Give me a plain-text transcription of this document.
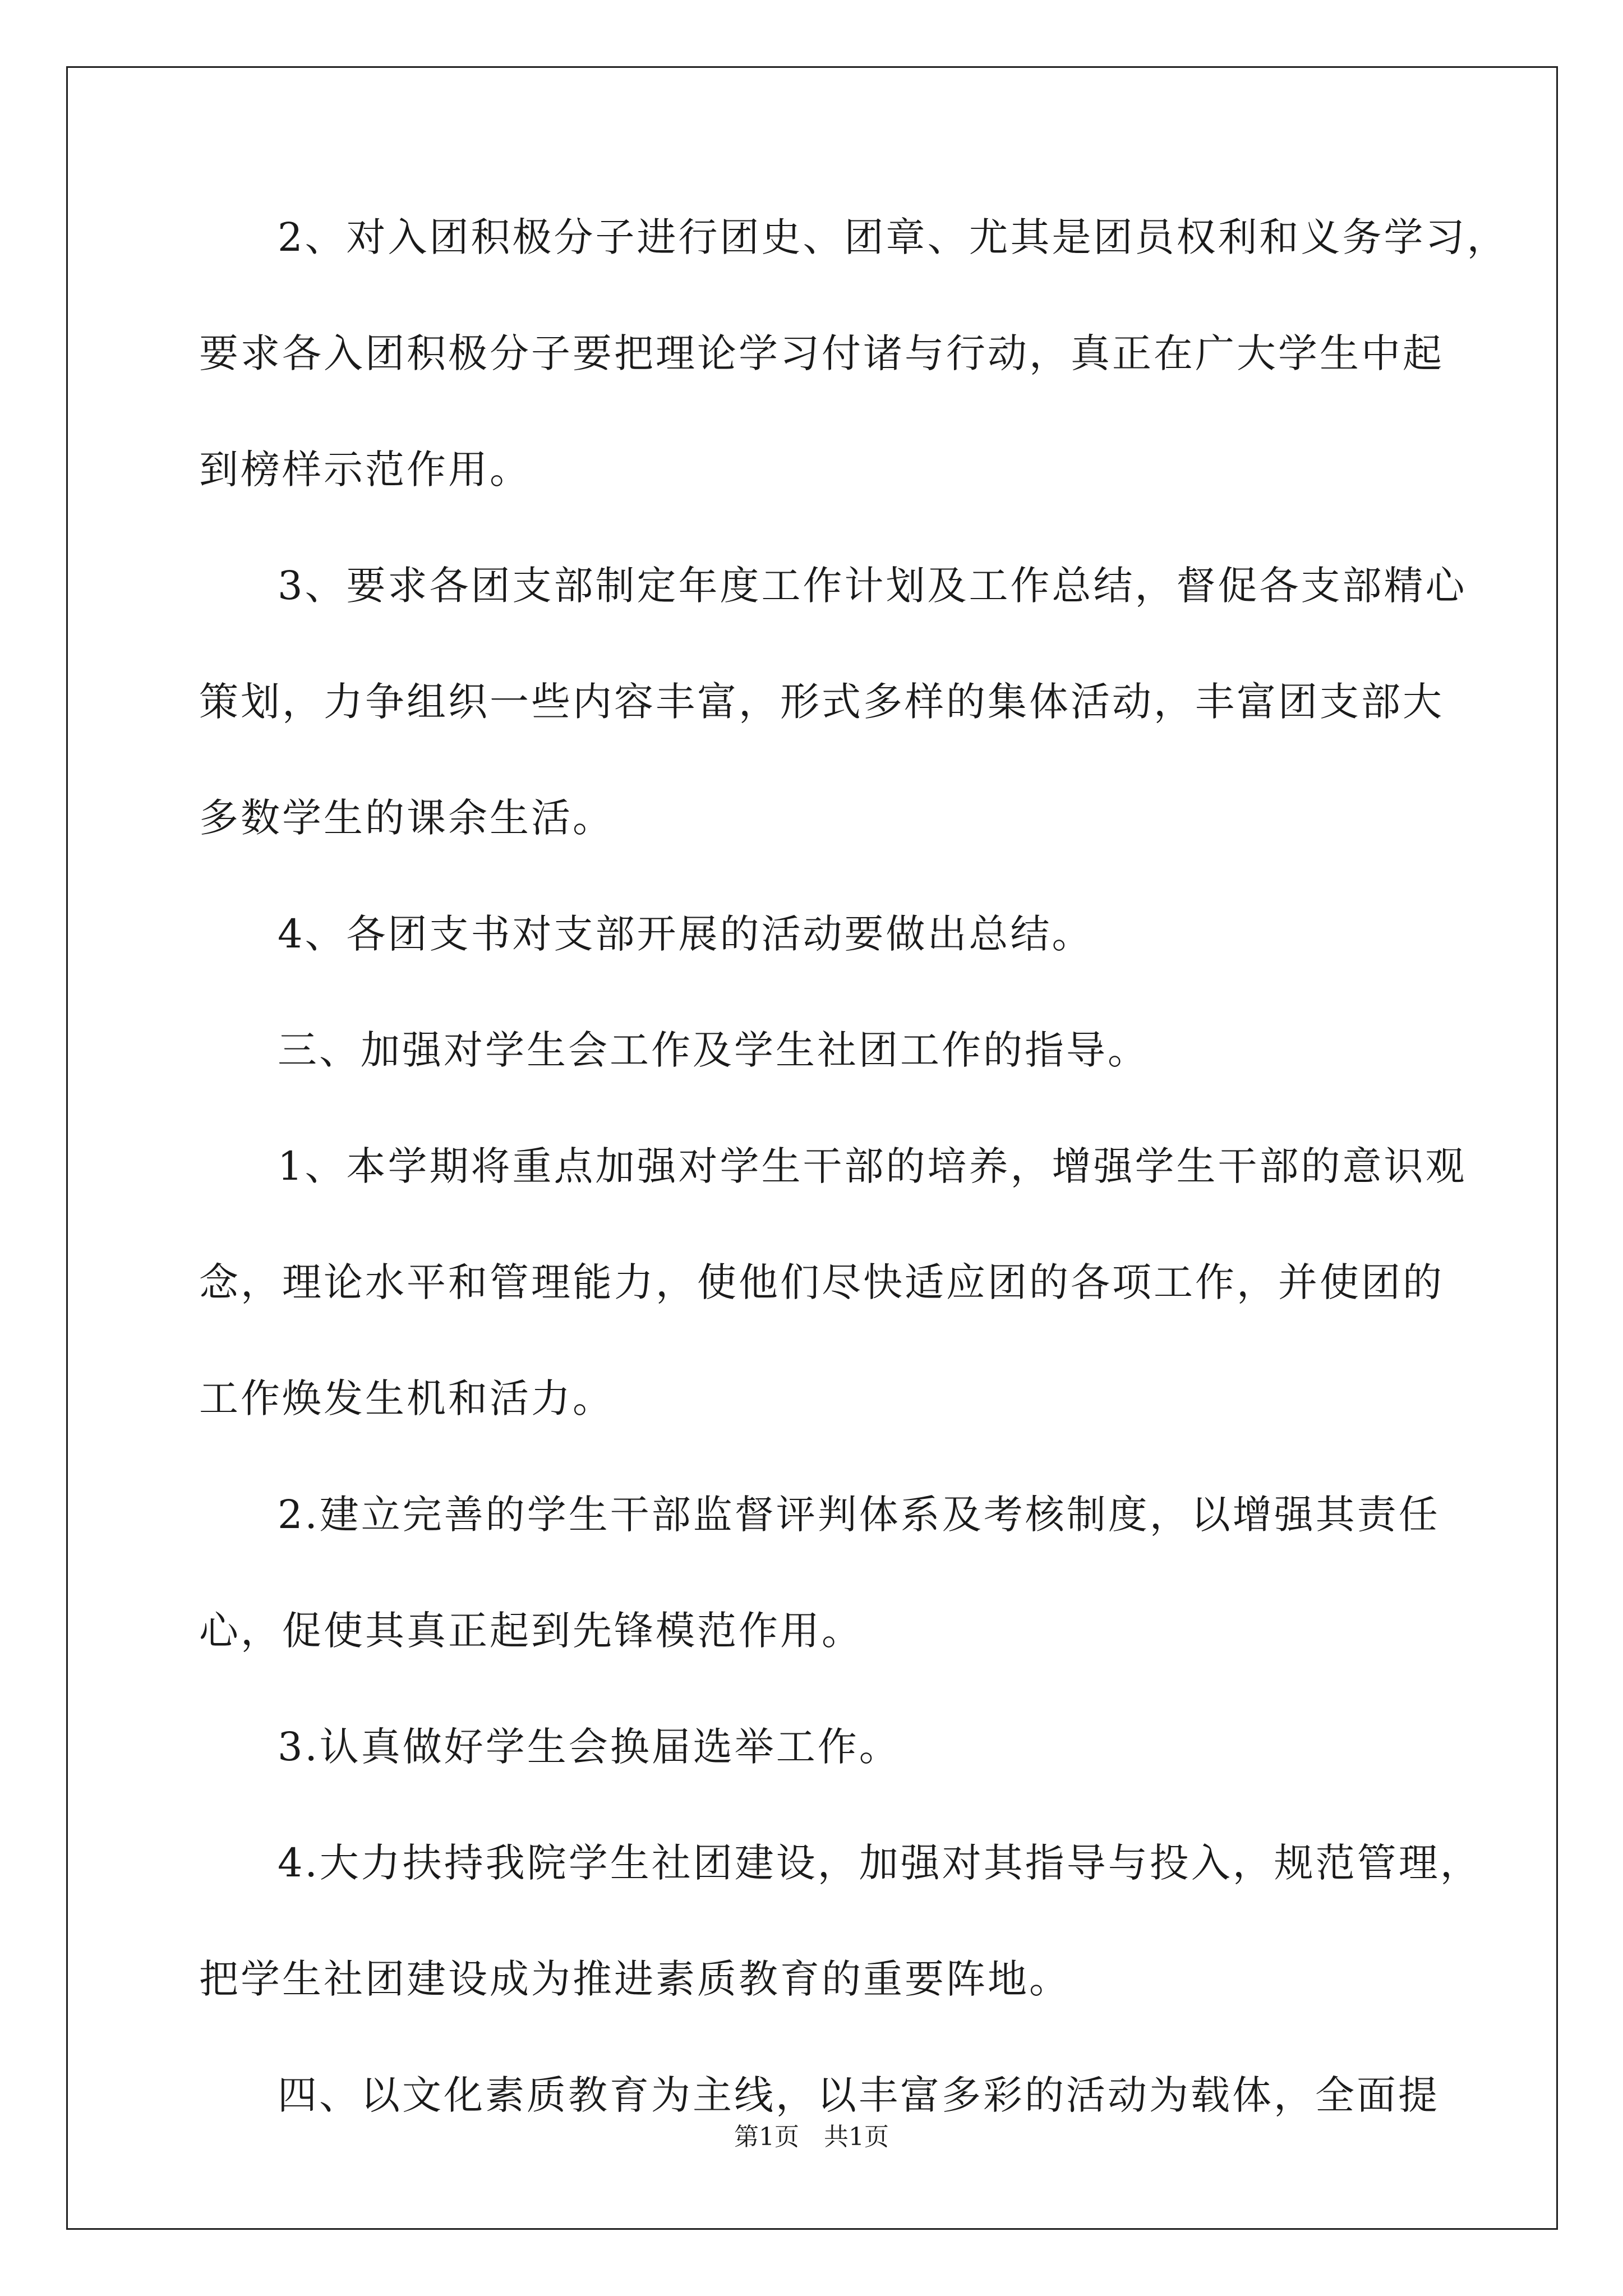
2、对入团积极分子进行团史、团章、尤其是团员权利和义务学习，
要求各入团积极分子要把理论学习付诸与行动，真正在广大学生中起
到榜样示范作用。
3、要求各团支部制定年度工作计划及工作总结，督促各支部精心
策划，力争组织一些内容丰富，形式多样的集体活动，丰富团支部大
多数学生的课余生活。
4、各团支书对支部开展的活动要做出总结。
三、加强对学生会工作及学生社团工作的指导。
1、本学期将重点加强对学生干部的培养，增强学生干部的意识观
念，理论水平和管理能力，使他们尽快适应团的各项工作，并使团的
工作焕发生机和活力。
2.建立完善的学生干部监督评判体系及考核制度，以增强其责任
心，促使其真正起到先锋模范作用。
3.认真做好学生会换届选举工作。
4.大力扶持我院学生社团建设，加强对其指导与投入，规范管理，
把学生社团建设成为推进素质教育的重要阵地。
四、以文化素质教育为主线，以丰富多彩的活动为载体，全面提
第1页　共1页
